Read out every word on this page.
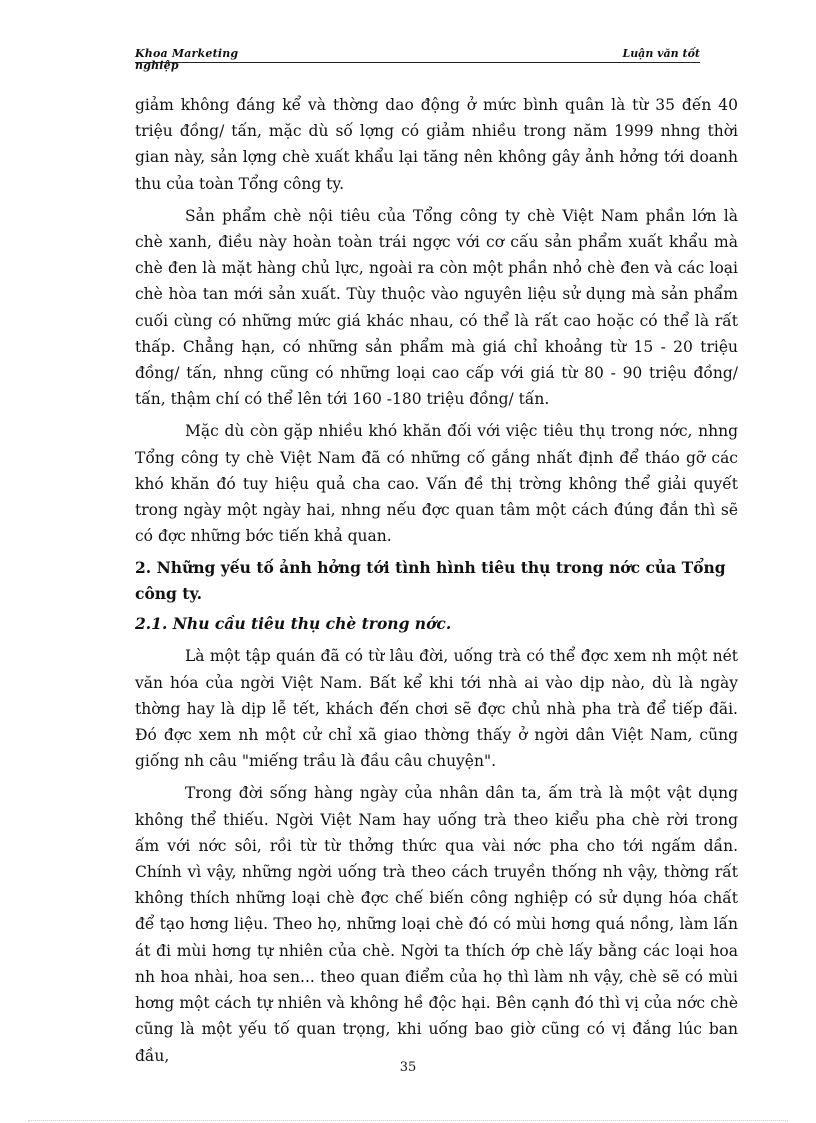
Khoa Marketing
nghiệp
Luận văn tốt

giảm không đáng kể và thờng dao động ở mức bình quân là từ 35 đến 40 triệu đồng/ tấn, mặc dù số lợng có giảm nhiều trong năm 1999 nhng thời gian này, sản lợng chè xuất khẩu lại tăng nên không gây ảnh hởng tới doanh thu của toàn Tổng công ty.

Sản phẩm chè nội tiêu của Tổng công ty chè Việt Nam phần lớn là chè xanh, điều này hoàn toàn trái ngợc với cơ cấu sản phẩm xuất khẩu mà chè đen là mặt hàng chủ lực, ngoài ra còn một phần nhỏ chè đen và các loại chè hòa tan mới sản xuất. Tùy thuộc vào nguyên liệu sử dụng mà sản phẩm cuối cùng có những mức giá khác nhau, có thể là rất cao hoặc có thể là rất thấp. Chẳng hạn, có những sản phẩm mà giá chỉ khoảng từ 15 - 20 triệu đồng/ tấn, nhng cũng có những loại cao cấp với giá từ 80 - 90 triệu đồng/ tấn, thậm chí có thể lên tới 160 -180 triệu đồng/ tấn.

Mặc dù còn gặp nhiều khó khăn đối với việc tiêu thụ trong nớc, nhng Tổng công ty chè Việt Nam đã có những cố gắng nhất định để tháo gỡ các khó khăn đó tuy hiệu quả cha cao. Vấn đề thị trờng không thể giải quyết trong ngày một ngày hai, nhng nếu đợc quan tâm một cách đúng đắn thì sẽ có đợc những bớc tiến khả quan.

2. Những yếu tố ảnh hởng tới tình hình tiêu thụ trong nớc của Tổng công ty.
2.1. Nhu cầu tiêu thụ chè trong nớc.

Là một tập quán đã có từ lâu đời, uống trà có thể đợc xem nh một nét văn hóa của ngời Việt Nam. Bất kể khi tới nhà ai vào dịp nào, dù là ngày thờng hay là dịp lễ tết, khách đến chơi sẽ đợc chủ nhà pha trà để tiếp đãi. Đó đợc xem nh một cử chỉ xã giao thờng thấy ở ngời dân Việt Nam, cũng giống nh câu "miếng trầu là đầu câu chuyện".

Trong đời sống hàng ngày của nhân dân ta, ấm trà là một vật dụng không thể thiếu. Ngời Việt Nam hay uống trà theo kiểu pha chè rời trong ấm với nớc sôi, rồi từ từ thởng thức qua vài nớc pha cho tới ngấm dần. Chính vì vậy, những ngời uống trà theo cách truyền thống nh vậy, thờng rất không thích những loại chè đợc chế biến công nghiệp có sử dụng hóa chất để tạo hơng liệu. Theo họ, những loại chè đó có mùi hơng quá nồng, làm lấn át đi mùi hơng tự nhiên của chè. Ngời ta thích ớp chè lấy bằng các loại hoa nh hoa nhài, hoa sen... theo quan điểm của họ thì làm nh vậy, chè sẽ có mùi hơng một cách tự nhiên và không hề độc hại. Bên cạnh đó thì vị của nớc chè cũng là một yếu tố quan trọng, khi uống bao giờ cũng có vị đắng lúc ban đầu,

35
